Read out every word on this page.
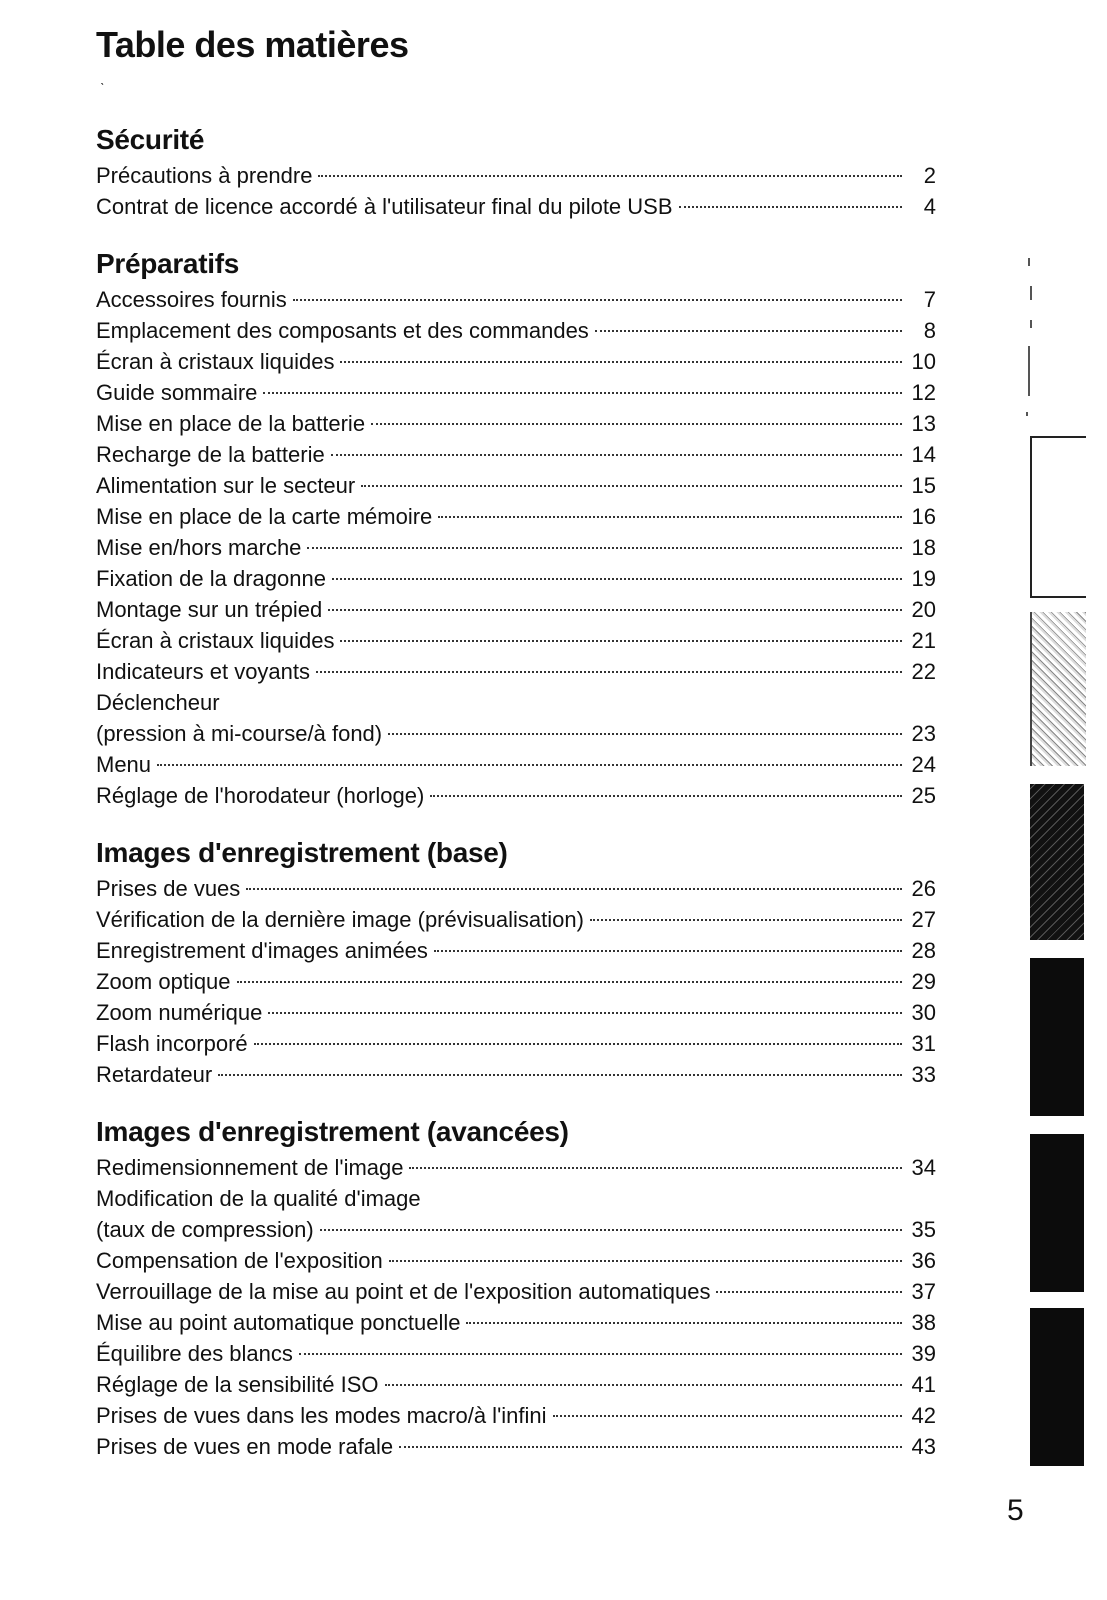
Table des matières
ˋ
Sécurité
Précautions à prendre	2
Contrat de licence accordé à l'utilisateur final du pilote USB	4
Préparatifs
Accessoires fournis	7
Emplacement des composants et des commandes	8
Écran à cristaux liquides	10
Guide sommaire	12
Mise en place de la batterie	13
Recharge de la batterie	14
Alimentation sur le secteur	15
Mise en place de la carte mémoire	16
Mise en/hors marche	18
Fixation de la dragonne	19
Montage sur un trépied	20
Écran à cristaux liquides	21
Indicateurs et voyants	22
Déclencheur
(pression à mi-course/à fond)	23
Menu	24
Réglage de l'horodateur (horloge)	25
Images d'enregistrement (base)
Prises de vues	26
Vérification de la dernière image (prévisualisation)	27
Enregistrement d'images animées	28
Zoom optique	29
Zoom numérique	30
Flash incorporé	31
Retardateur	33
Images d'enregistrement (avancées)
Redimensionnement de l'image	34
Modification de la qualité d'image
(taux de compression)	35
Compensation de l'exposition	36
Verrouillage de la mise au point et de l'exposition automatiques	37
Mise au point automatique ponctuelle	38
Équilibre des blancs	39
Réglage de la sensibilité ISO	41
Prises de vues dans les modes macro/à l'infini	42
Prises de vues en mode rafale	43
5
